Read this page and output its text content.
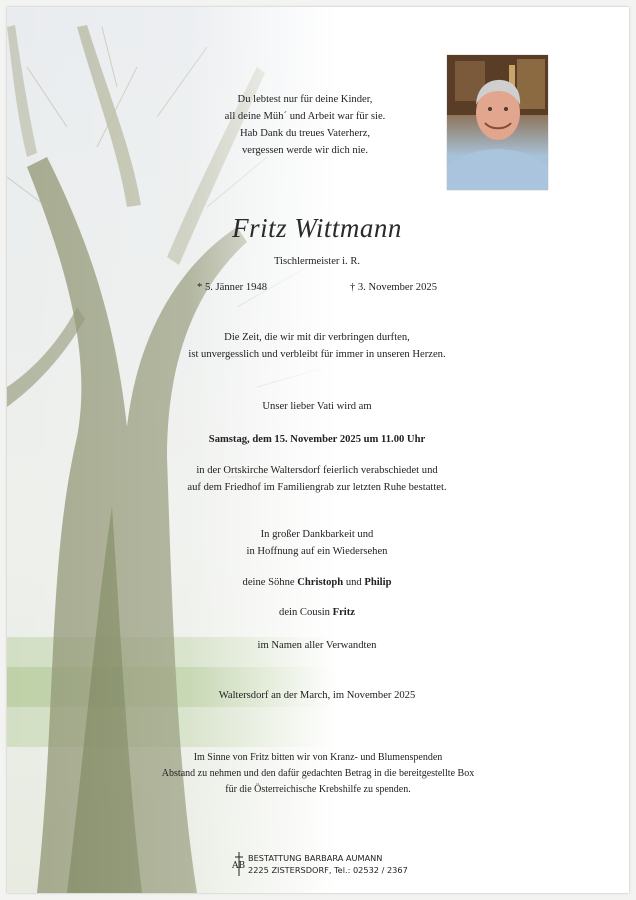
Du lebtest nur für deine Kinder,

all deine Müh´ und Arbeit war für sie.

Hab Dank du treues Vaterherz,

vergessen werde wir dich nie.

Fritz Wittmann

Tischlermeister i. R.

* 5. Jänner 1948	† 3. November 2025

Die Zeit, die wir mit dir verbringen durften,

ist unvergesslich und verbleibt für immer in unseren Herzen.

Unser lieber Vati wird am

Samstag, dem 15. November 2025 um 11.00 Uhr

in der Ortskirche Waltersdorf feierlich verabschiedet und

auf dem Friedhof im Familiengrab zur letzten Ruhe bestattet.

In großer Dankbarkeit und

in Hoffnung auf ein Wiedersehen

deine Söhne Christoph und Philip

dein Cousin Fritz

im Namen aller Verwandten

Waltersdorf an der March, im November 2025

Im Sinne von Fritz bitten wir von Kranz- und Blumenspenden

Abstand zu nehmen und den dafür gedachten Betrag in die bereitgestellte Box

für die Österreichische Krebshilfe zu spenden.

AB
BESTATTUNG BARBARA AUMANN
2225 ZISTERSDORF, Tel.: 02532 / 2367
